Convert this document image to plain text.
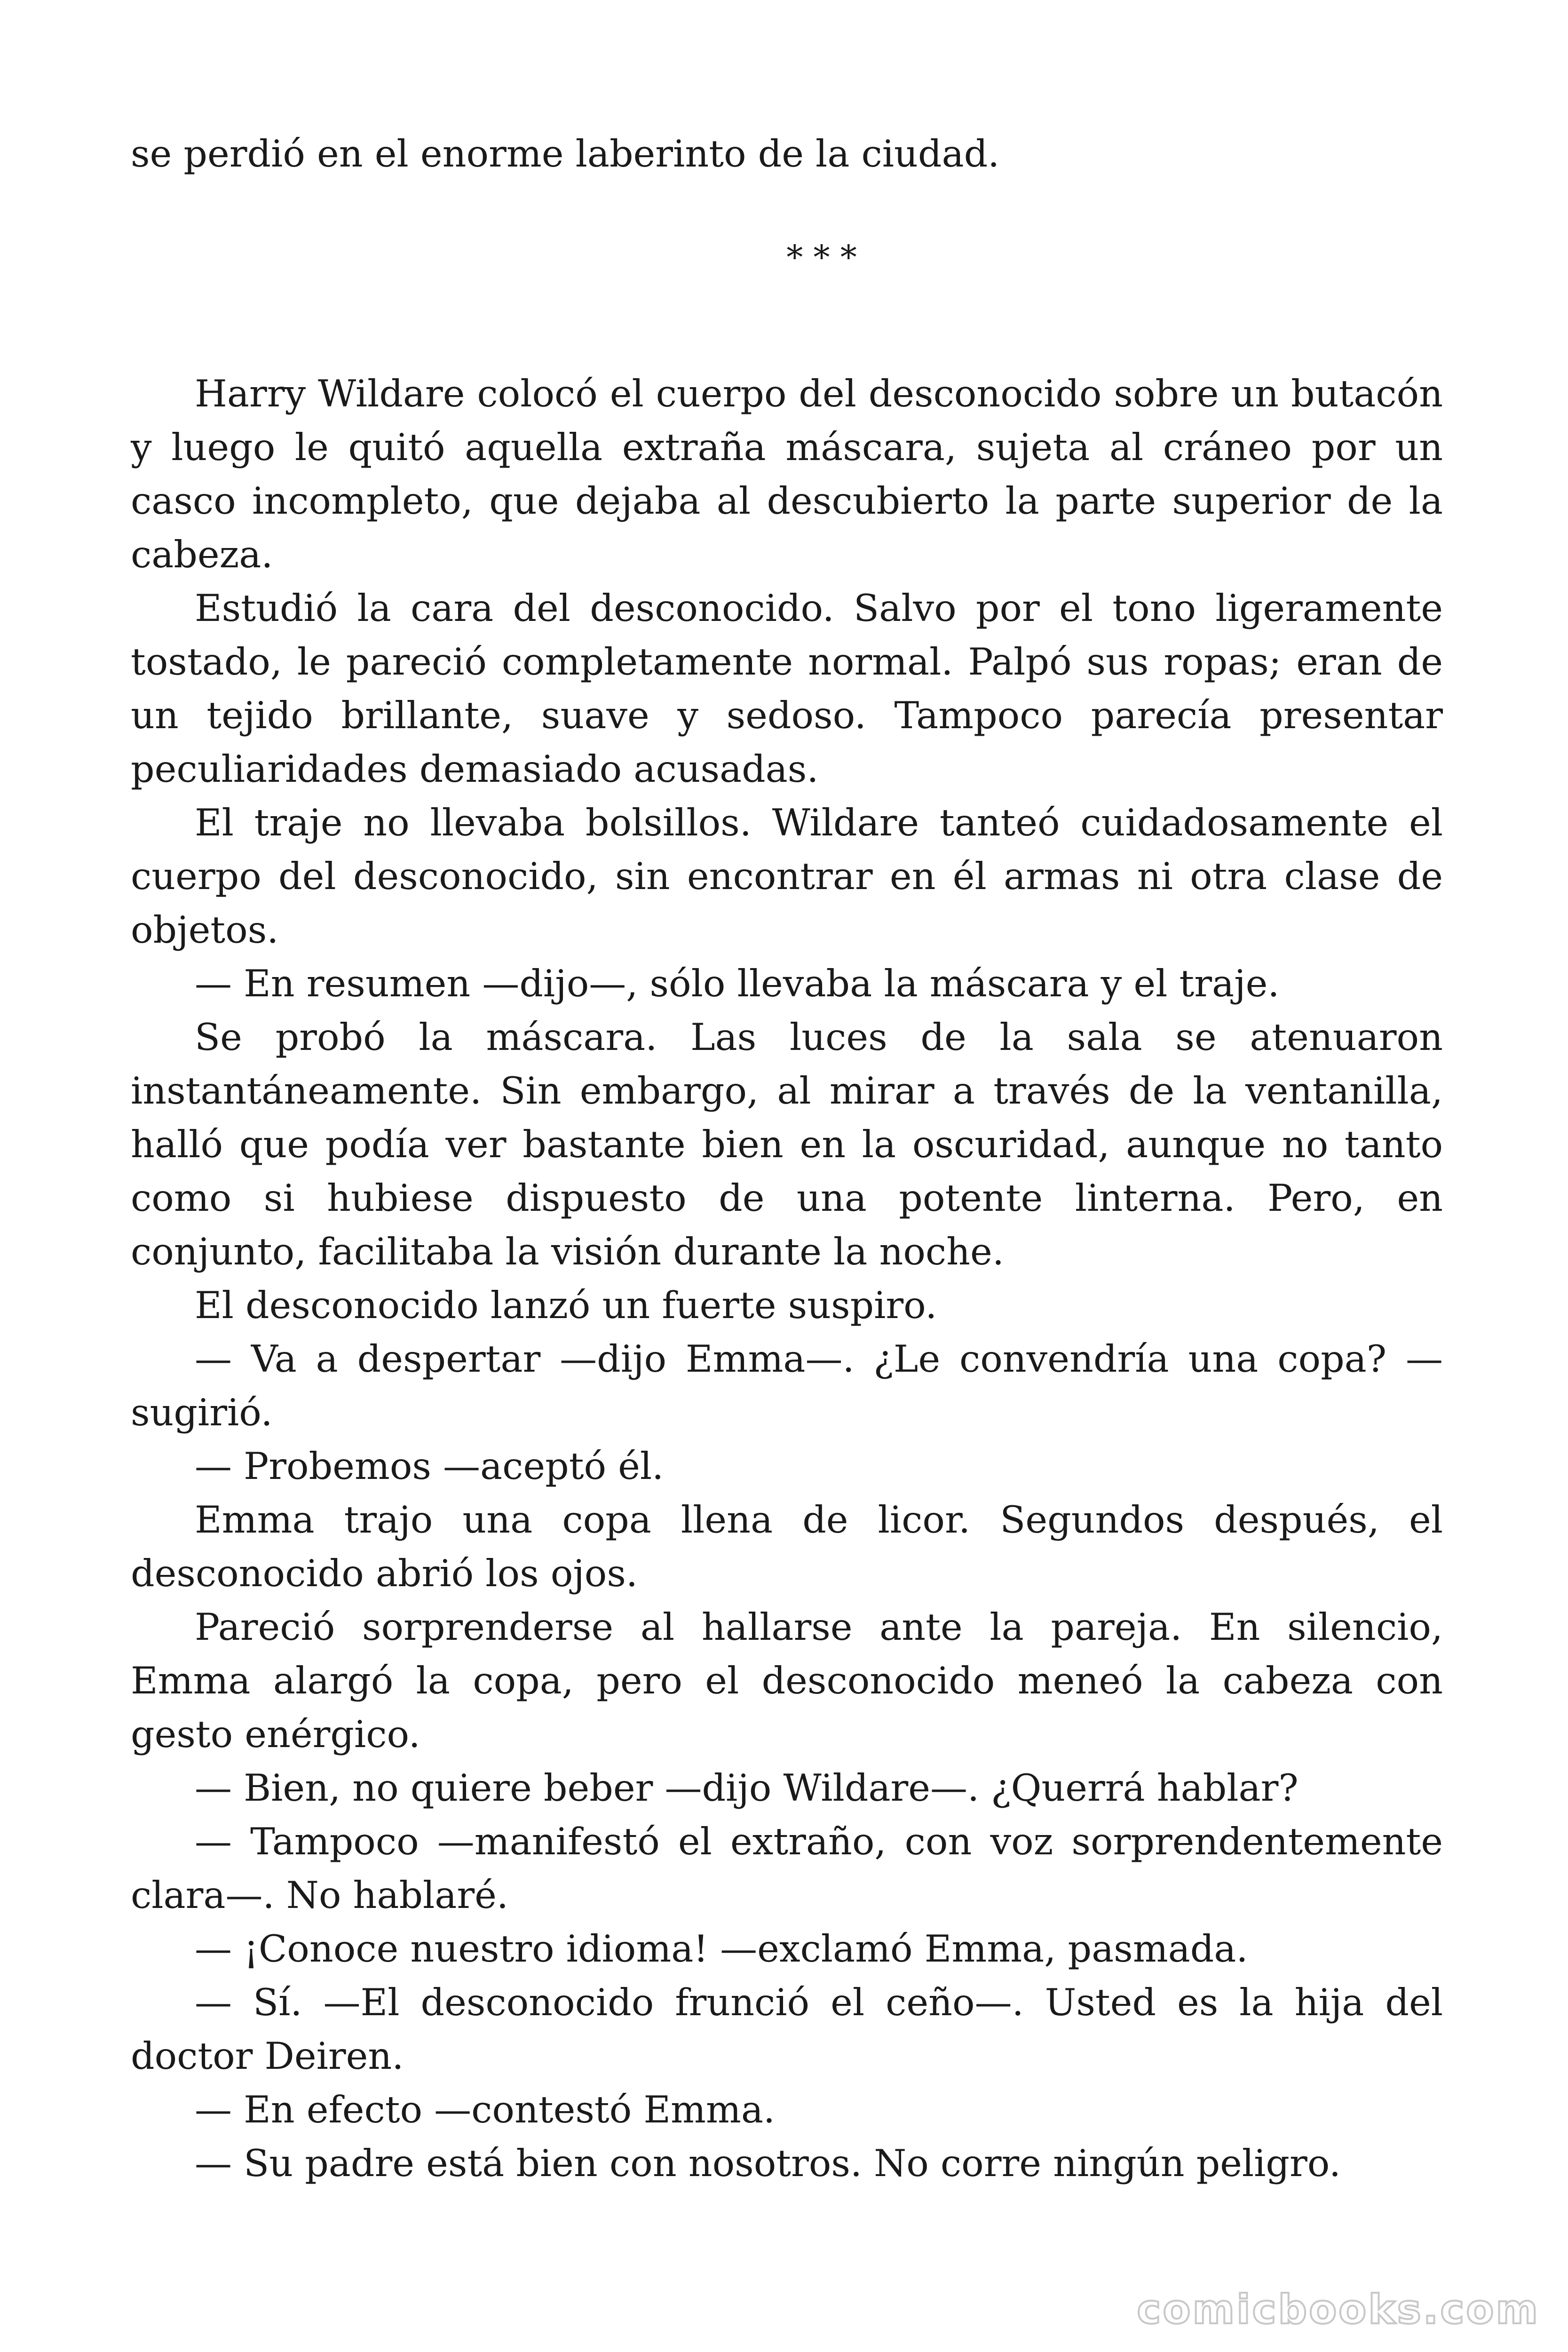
se perdió en el enorme laberinto de la ciudad.

* * *

Harry Wildare colocó el cuerpo del desconocido sobre un butacón y luego le quitó aquella extraña máscara, sujeta al cráneo por un casco incompleto, que dejaba al descubierto la parte superior de la cabeza.

Estudió la cara del desconocido. Salvo por el tono ligeramente tostado, le pareció completamente normal. Palpó sus ropas; eran de un tejido brillante, suave y sedoso. Tampoco parecía presentar peculiaridades demasiado acusadas.

El traje no llevaba bolsillos. Wildare tanteó cuidadosamente el cuerpo del desconocido, sin encontrar en él armas ni otra clase de objetos.

— En resumen —dijo—, sólo llevaba la máscara y el traje.

Se probó la máscara. Las luces de la sala se atenuaron instantáneamente. Sin embargo, al mirar a través de la ventanilla, halló que podía ver bastante bien en la oscuridad, aunque no tanto como si hubiese dispuesto de una potente linterna. Pero, en conjunto, facilitaba la visión durante la noche.

El desconocido lanzó un fuerte suspiro.

— Va a despertar —dijo Emma—. ¿Le convendría una copa? —sugirió.

— Probemos —aceptó él.

Emma trajo una copa llena de licor. Segundos después, el desconocido abrió los ojos.

Pareció sorprenderse al hallarse ante la pareja. En silencio, Emma alargó la copa, pero el desconocido meneó la cabeza con gesto enérgico.

— Bien, no quiere beber —dijo Wildare—. ¿Querrá hablar?

— Tampoco —manifestó el extraño, con voz sorprendentemente clara—. No hablaré.

— ¡Conoce nuestro idioma! —exclamó Emma, pasmada.

— Sí. —El desconocido frunció el ceño—. Usted es la hija del doctor Deiren.

— En efecto —contestó Emma.

— Su padre está bien con nosotros. No corre ningún peligro.

comicbooks.com
